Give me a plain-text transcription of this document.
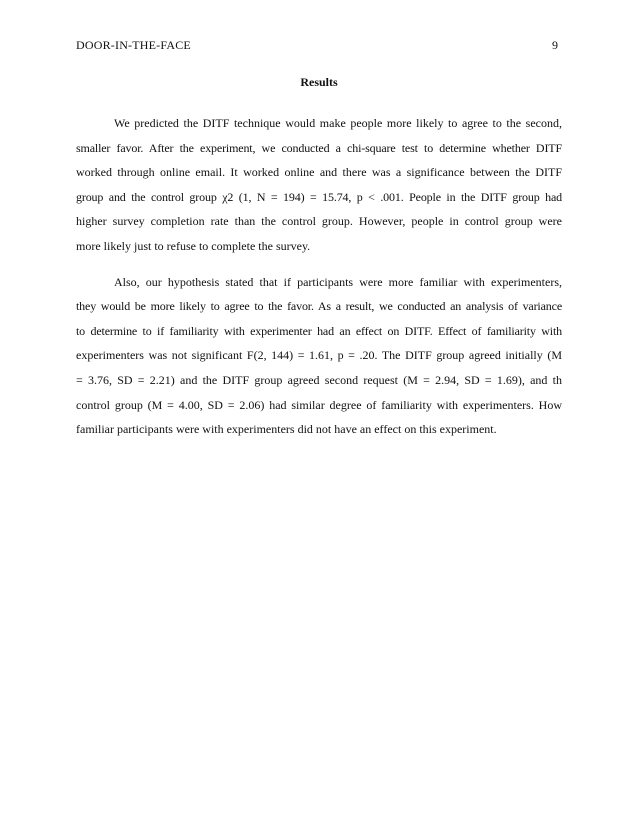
DOOR-IN-THE-FACE	9
Results
We predicted the DITF technique would make people more likely to agree to the second,
smaller favor. After the experiment, we conducted a chi-square test to determine whether DITF
worked through online email. It worked online and there was a significance between the DITF
group and the control group χ2 (1, N = 194) = 15.74, p < .001. People in the DITF group had
higher survey completion rate than the control group. However, people in control group were
more likely just to refuse to complete the survey.
Also, our hypothesis stated that if participants were more familiar with experimenters,
they would be more likely to agree to the favor. As a result, we conducted an analysis of variance
to determine to if familiarity with experimenter had an effect on DITF. Effect of familiarity with
experimenters was not significant F(2, 144) = 1.61, p = .20. The DITF group agreed initially (M
= 3.76, SD = 2.21) and the DITF group agreed second request (M = 2.94, SD = 1.69), and th
control group (M = 4.00, SD = 2.06) had similar degree of familiarity with experimenters. How
familiar participants were with experimenters did not have an effect on this experiment.
